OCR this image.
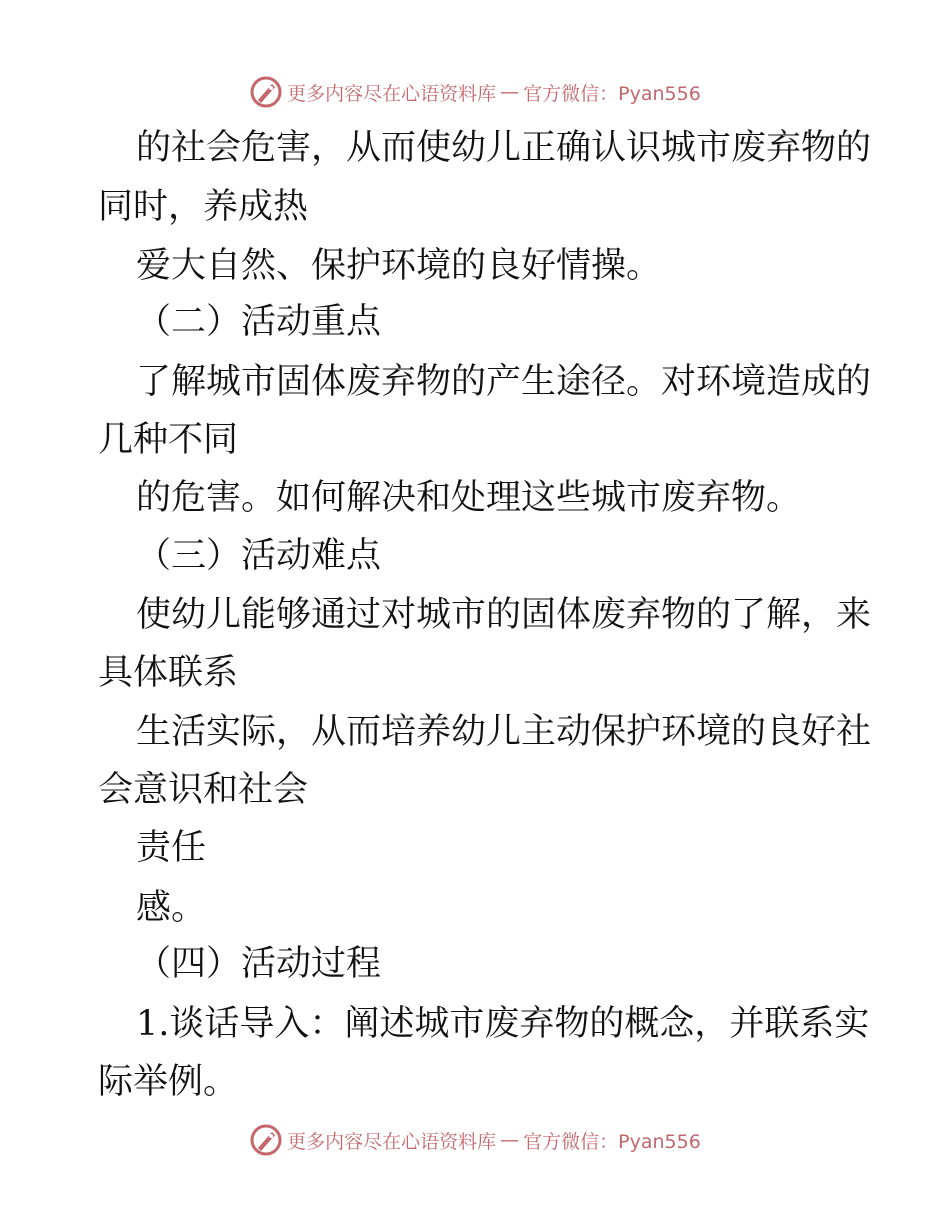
更多内容尽在心语资料库 — 官方微信：Pyan556
的社会危害，从而使幼儿正确认识城市废弃物的
同时，养成热
爱大自然、保护环境的良好情操。
（二）活动重点
了解城市固体废弃物的产生途径。对环境造成的
几种不同
的危害。如何解决和处理这些城市废弃物。
（三）活动难点
使幼儿能够通过对城市的固体废弃物的了解，来
具体联系
生活实际，从而培养幼儿主动保护环境的良好社
会意识和社会
责任
感。
（四）活动过程
1.谈话导入：阐述城市废弃物的概念，并联系实
际举例。
更多内容尽在心语资料库 — 官方微信：Pyan556
